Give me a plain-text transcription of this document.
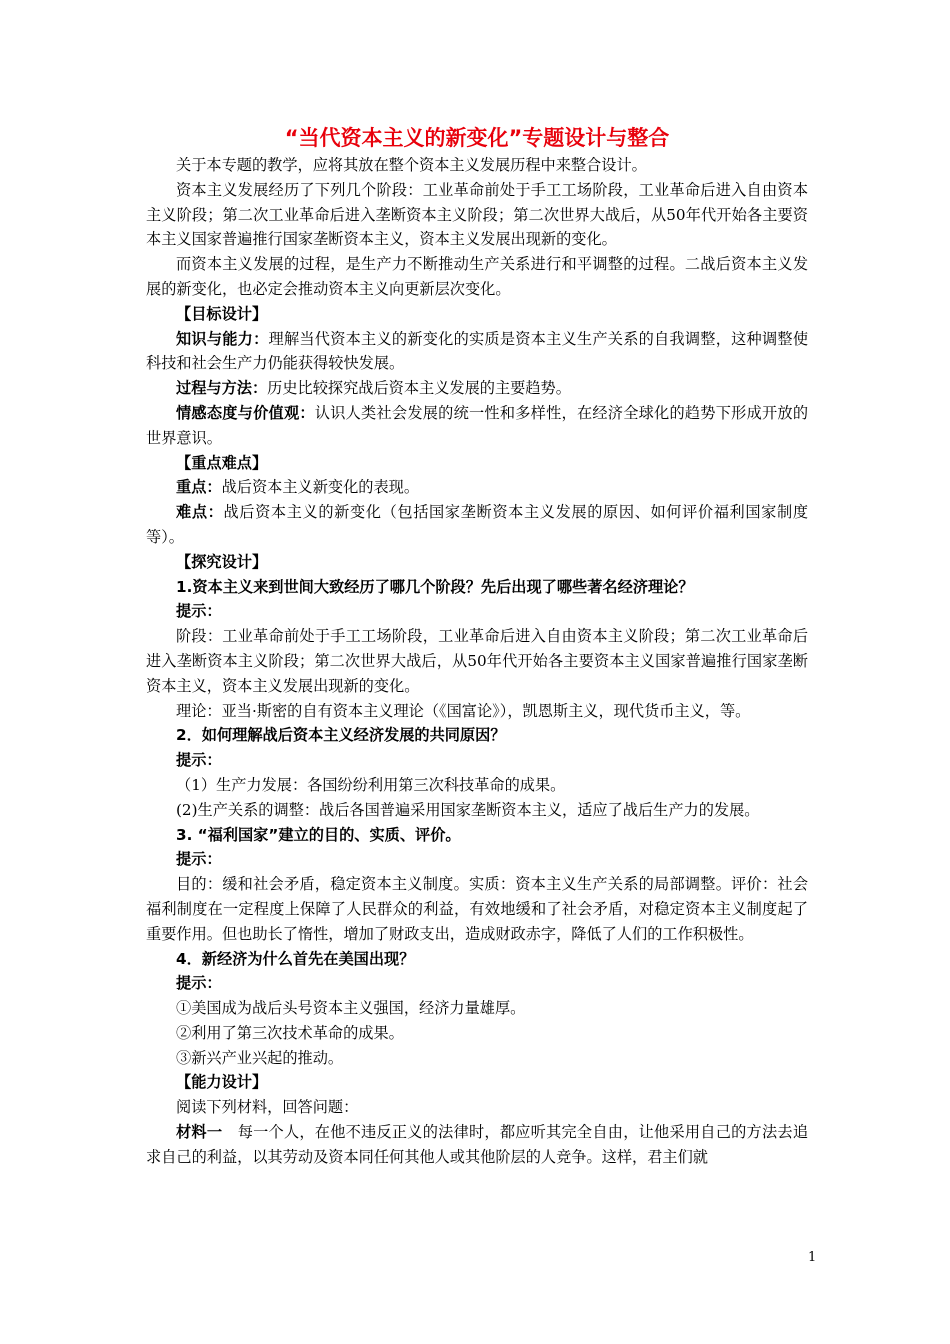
“当代资本主义的新变化”专题设计与整合

关于本专题的教学，应将其放在整个资本主义发展历程中来整合设计。

资本主义发展经历了下列几个阶段：工业革命前处于手工工场阶段，工业革命后进入自由资本主义阶段；第二次工业革命后进入垄断资本主义阶段；第二次世界大战后，从50年代开始各主要资本主义国家普遍推行国家垄断资本主义，资本主义发展出现新的变化。

而资本主义发展的过程，是生产力不断推动生产关系进行和平调整的过程。二战后资本主义发展的新变化，也必定会推动资本主义向更新层次变化。

【目标设计】

知识与能力：理解当代资本主义的新变化的实质是资本主义生产关系的自我调整，这种调整使科技和社会生产力仍能获得较快发展。

过程与方法：历史比较探究战后资本主义发展的主要趋势。

情感态度与价值观：认识人类社会发展的统一性和多样性，在经济全球化的趋势下形成开放的世界意识。

【重点难点】

重点：战后资本主义新变化的表现。

难点：战后资本主义的新变化（包括国家垄断资本主义发展的原因、如何评价福利国家制度等）。

【探究设计】

1.资本主义来到世间大致经历了哪几个阶段？先后出现了哪些著名经济理论？

提示：

阶段：工业革命前处于手工工场阶段，工业革命后进入自由资本主义阶段；第二次工业革命后进入垄断资本主义阶段；第二次世界大战后，从50年代开始各主要资本主义国家普遍推行国家垄断资本主义，资本主义发展出现新的变化。

理论：亚当·斯密的自有资本主义理论（《国富论》），凯恩斯主义，现代货币主义，等。

2．如何理解战后资本主义经济发展的共同原因？

提示：

（1）生产力发展：各国纷纷利用第三次科技革命的成果。

(2)生产关系的调整：战后各国普遍采用国家垄断资本主义，适应了战后生产力的发展。

3. “福利国家”建立的目的、实质、评价。

提示：

目的：缓和社会矛盾，稳定资本主义制度。实质：资本主义生产关系的局部调整。评价：社会福利制度在一定程度上保障了人民群众的利益，有效地缓和了社会矛盾，对稳定资本主义制度起了重要作用。但也助长了惰性，增加了财政支出，造成财政赤字，降低了人们的工作积极性。

4．新经济为什么首先在美国出现？

提示：

①美国成为战后头号资本主义强国，经济力量雄厚。

②利用了第三次技术革命的成果。

③新兴产业兴起的推动。

【能力设计】

阅读下列材料，回答问题：

材料一　 每一个人，在他不违反正义的法律时，都应听其完全自由，让他采用自己的方法去追求自己的利益，以其劳动及资本同任何其他人或其他阶层的人竞争。这样，君主们就

1
